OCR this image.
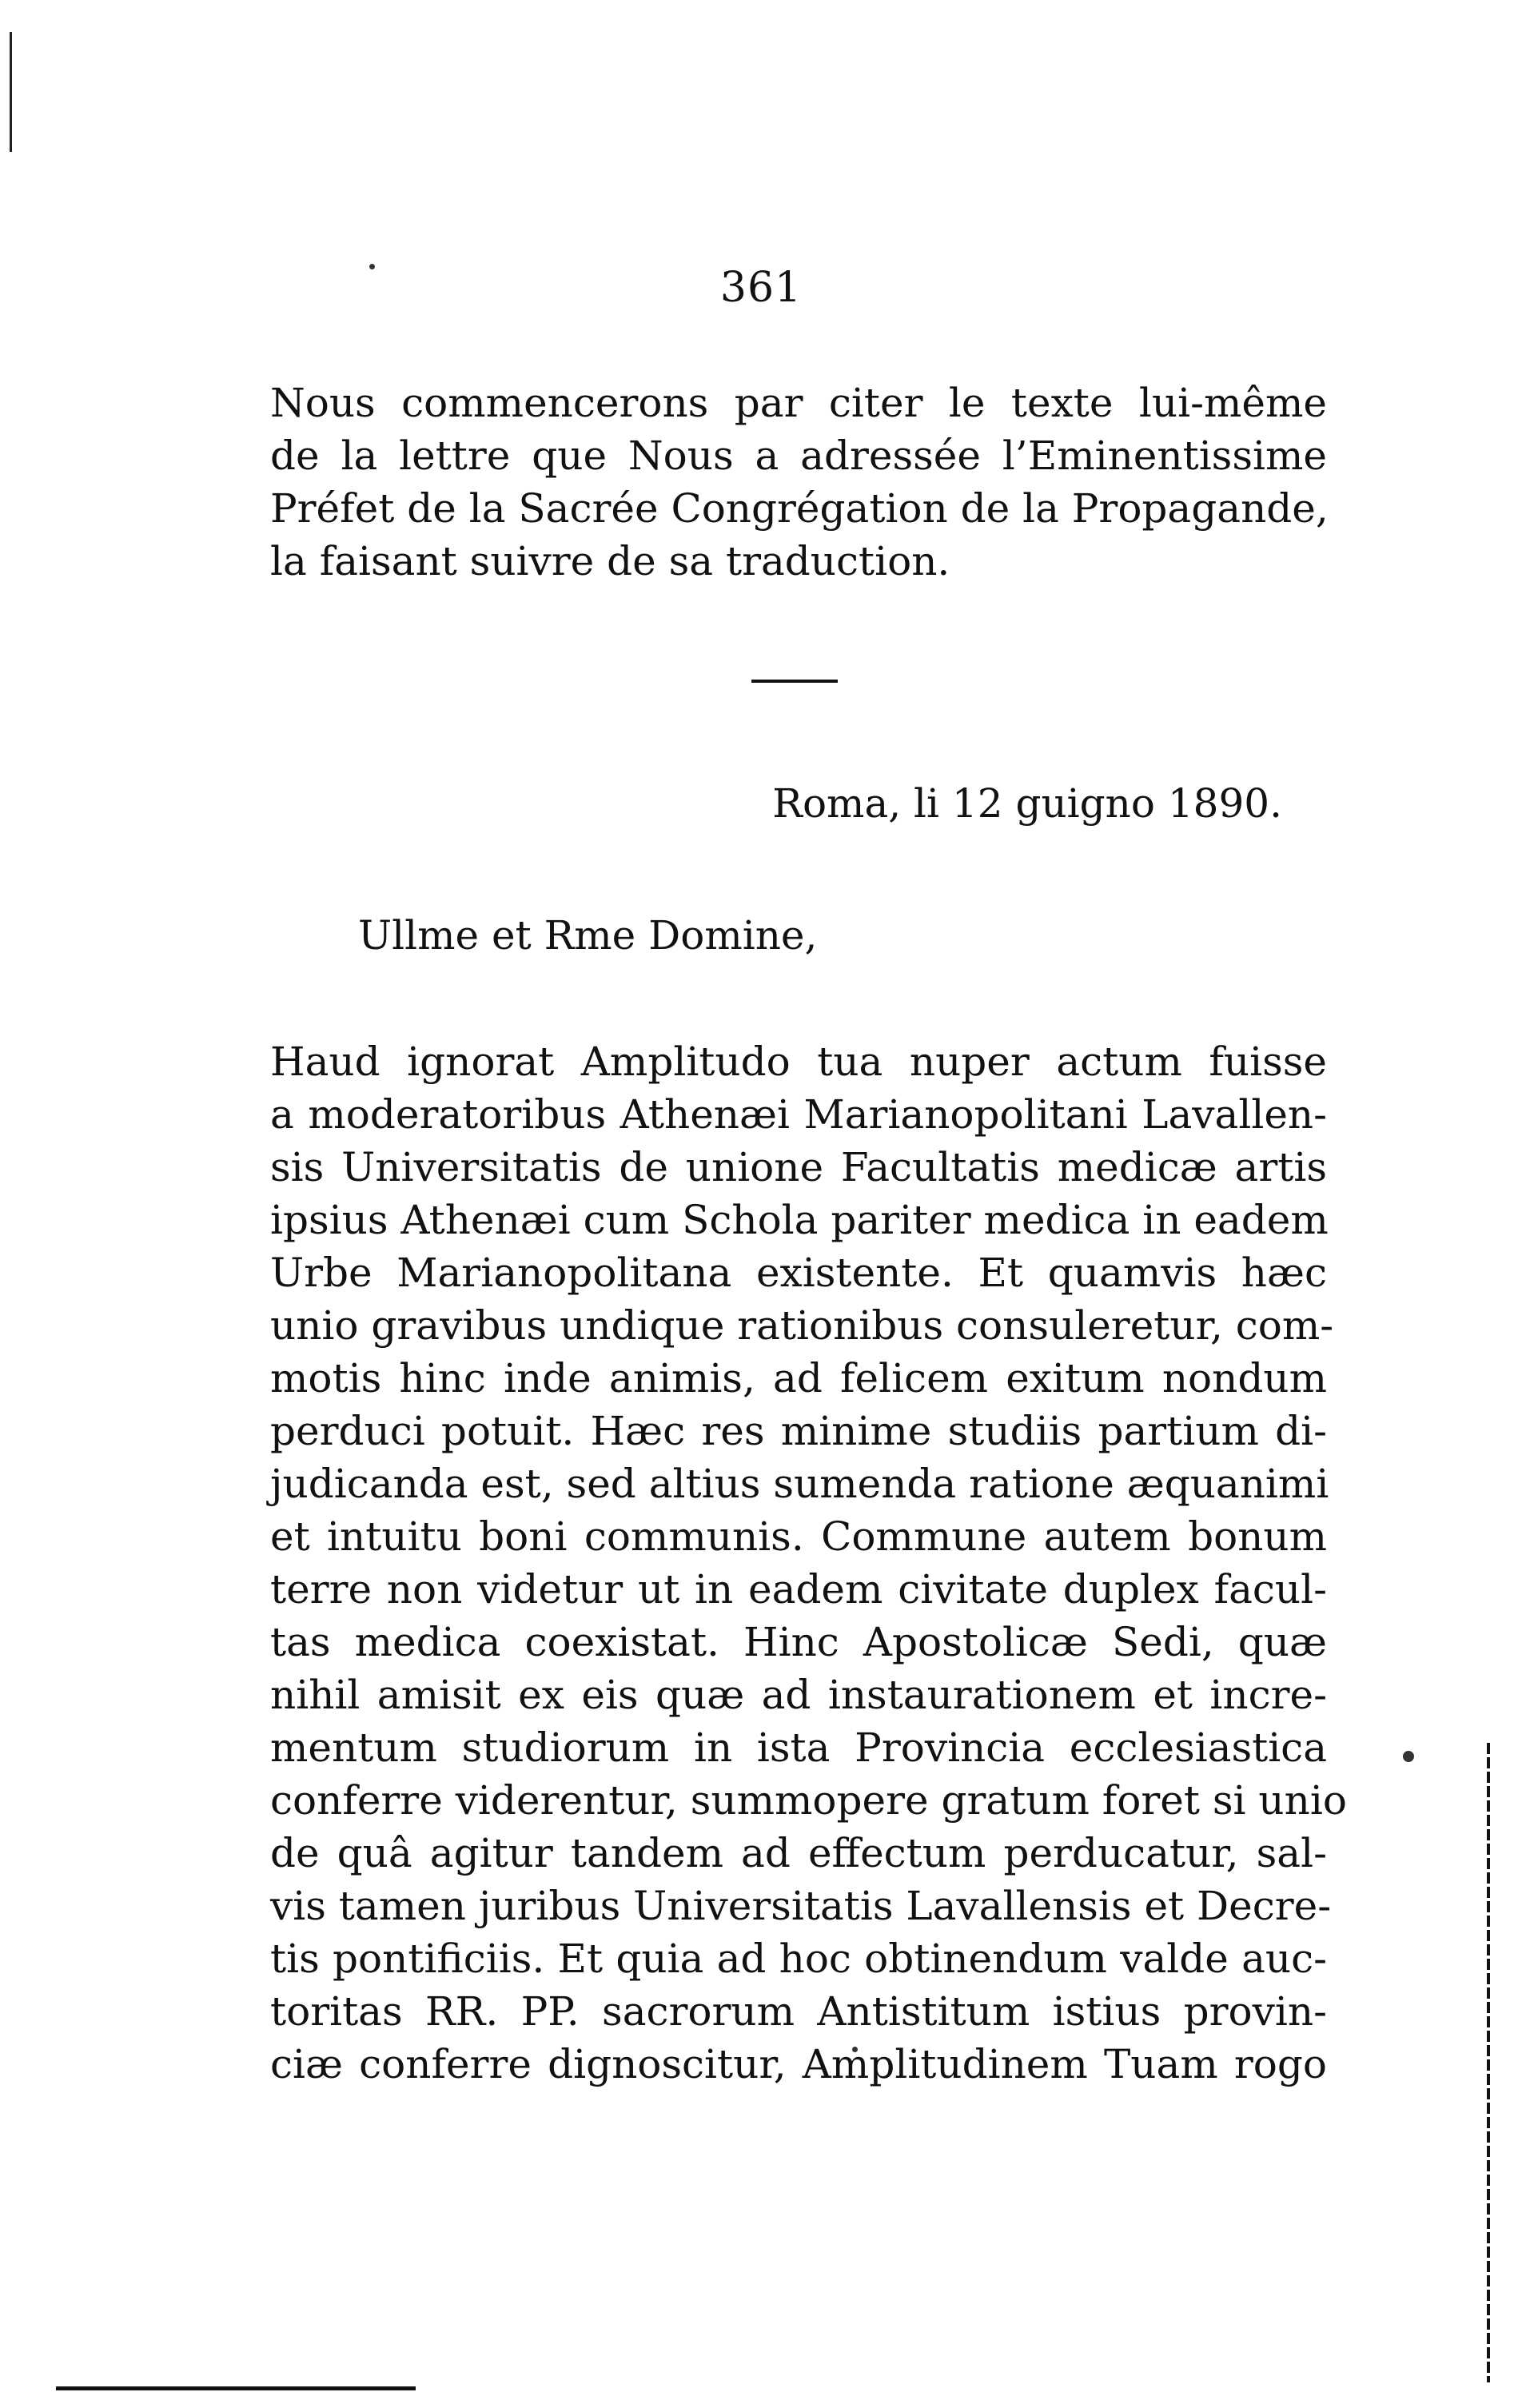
361
Nous commencerons par citer le texte lui-même
de la lettre que Nous a adressée l’Eminentissime
Préfet de la Sacrée Congrégation de la Propagande,
la faisant suivre de sa traduction.
Roma, li 12 guigno 1890.
Ullme et Rme Domine,
Haud ignorat Amplitudo tua nuper actum fuisse
a moderatoribus Athenæi Marianopolitani Lavallen-
sis Universitatis de unione Facultatis medicæ artis
ipsius Athenæi cum Schola pariter medica in eadem
Urbe Marianopolitana existente. Et quamvis hæc
unio gravibus undique rationibus consuleretur, com-
motis hinc inde animis, ad felicem exitum nondum
perduci potuit. Hæc res minime studiis partium di-
judicanda est, sed altius sumenda ratione æquanimi
et intuitu boni communis. Commune autem bonum
terre non videtur ut in eadem civitate duplex facul-
tas medica coexistat. Hinc Apostolicæ Sedi, quæ
nihil amisit ex eis quæ ad instaurationem et incre-
mentum studiorum in ista Provincia ecclesiastica
conferre viderentur, summopere gratum foret si unio
de quâ agitur tandem ad effectum perducatur, sal-
vis tamen juribus Universitatis Lavallensis et Decre-
tis pontificiis. Et quia ad hoc obtinendum valde auc-
toritas RR. PP. sacrorum Antistitum istius provin-
ciæ conferre dignoscitur, Amplitudinem Tuam rogo
